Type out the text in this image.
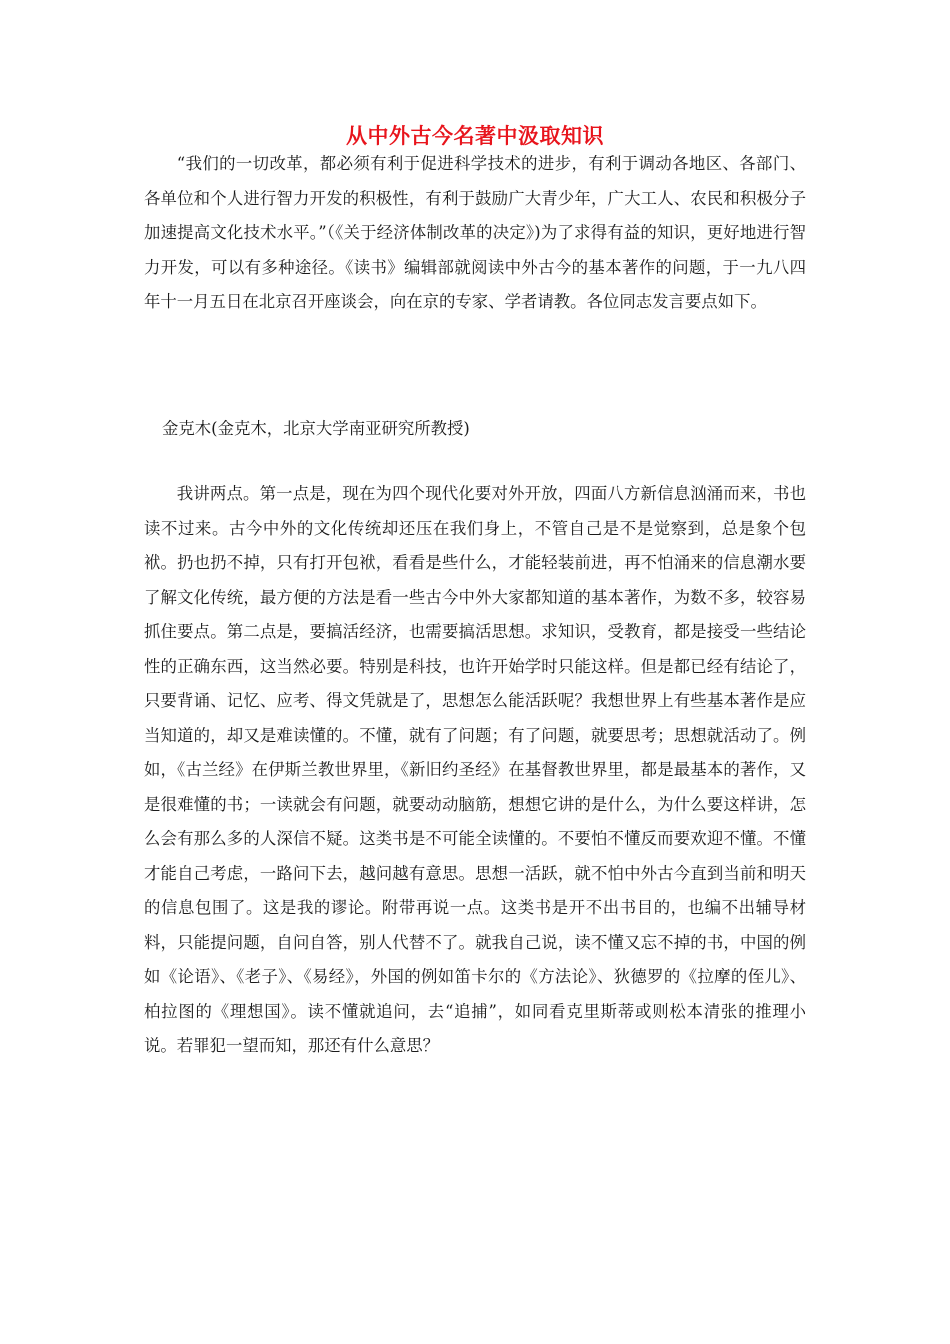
从中外古今名著中汲取知识

“我们的一切改革，都必须有利于促进科学技术的进步，有利于调动各地区、各部门、各单位和个人进行智力开发的积极性，有利于鼓励广大青少年，广大工人、农民和积极分子加速提高文化技术水平。”（《关于经济体制改革的决定》)为了求得有益的知识，更好地进行智力开发，可以有多种途径。《读书》编辑部就阅读中外古今的基本著作的问题，于一九八四年十一月五日在北京召开座谈会，向在京的专家、学者请教。各位同志发言要点如下。

金克木(金克木，北京大学南亚研究所教授)

我讲两点。第一点是，现在为四个现代化要对外开放，四面八方新信息汹涌而来，书也读不过来。古今中外的文化传统却还压在我们身上，不管自己是不是觉察到，总是象个包袱。扔也扔不掉，只有打开包袱，看看是些什么，才能轻装前进，再不怕涌来的信息潮水要了解文化传统，最方便的方法是看一些古今中外大家都知道的基本著作，为数不多，较容易抓住要点。第二点是，要搞活经济，也需要搞活思想。求知识，受教育，都是接受一些结论性的正确东西，这当然必要。特别是科技，也许开始学时只能这样。但是都已经有结论了，只要背诵、记忆、应考、得文凭就是了，思想怎么能活跃呢？我想世界上有些基本著作是应当知道的，却又是难读懂的。不懂，就有了问题；有了问题，就要思考；思想就活动了。例如，《古兰经》在伊斯兰教世界里，《新旧约圣经》在基督教世界里，都是最基本的著作，又是很难懂的书；一读就会有问题，就要动动脑筋，想想它讲的是什么，为什么要这样讲，怎么会有那么多的人深信不疑。这类书是不可能全读懂的。不要怕不懂反而要欢迎不懂。不懂才能自己考虑，一路问下去，越问越有意思。思想一活跃，就不怕中外古今直到当前和明天的信息包围了。这是我的谬论。附带再说一点。这类书是开不出书目的，也编不出辅导材料，只能提问题，自问自答，别人代替不了。就我自己说，读不懂又忘不掉的书，中国的例如《论语》、《老子》、《易经》，外国的例如笛卡尔的《方法论》、狄德罗的《拉摩的侄儿》、柏拉图的《理想国》。读不懂就追问，去“追捕”，如同看克里斯蒂或则松本清张的推理小说。若罪犯一望而知，那还有什么意思？
